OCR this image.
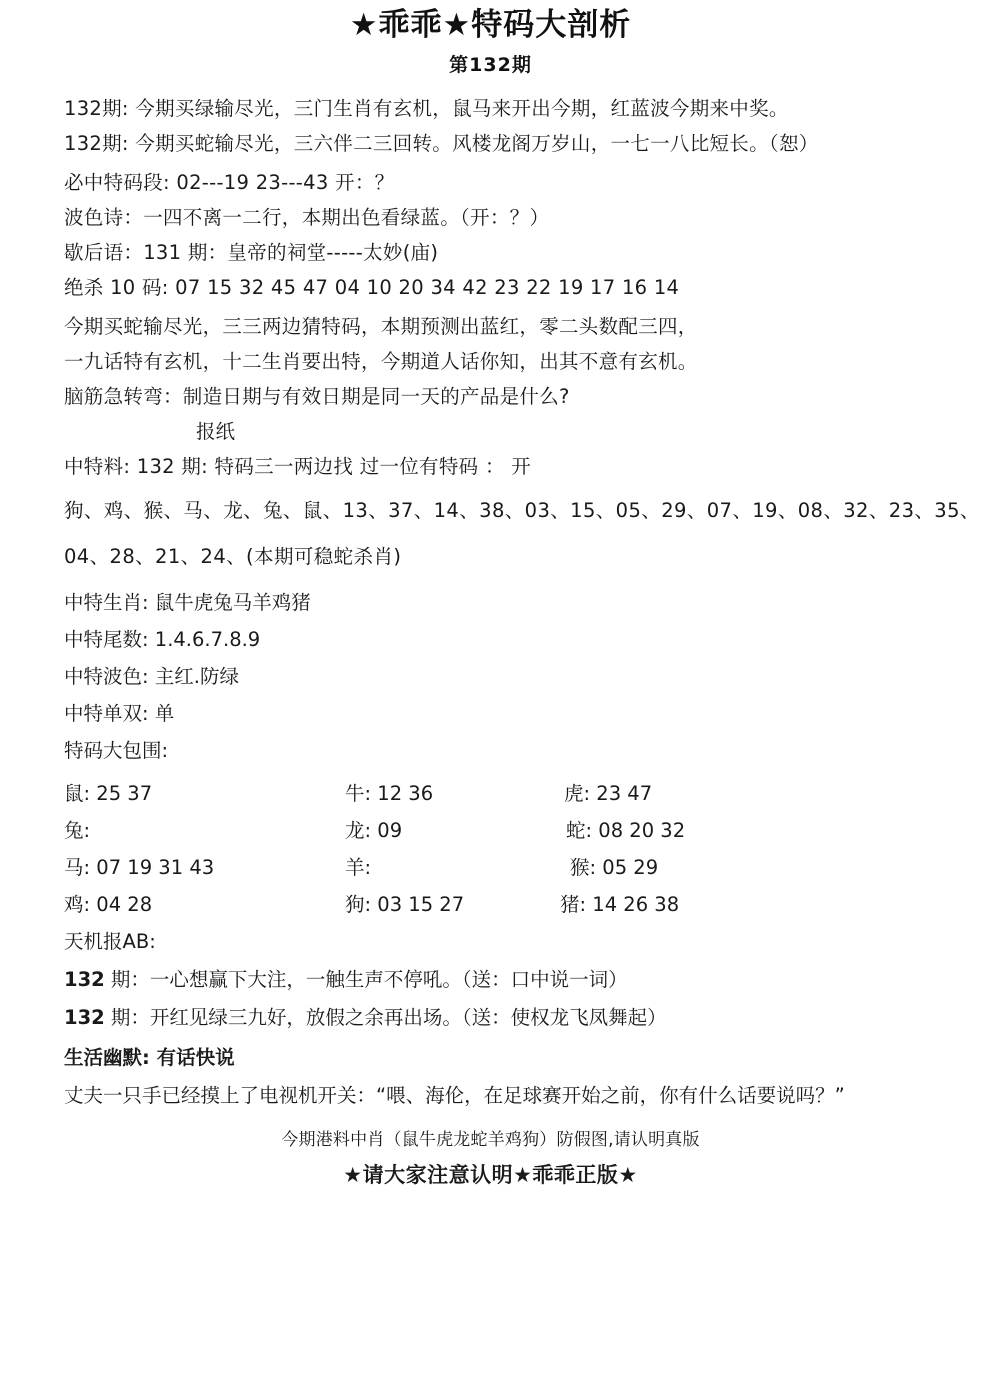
★乖乖★特码大剖析
第132期
132期: 今期买绿输尽光，三门生肖有玄机，鼠马来开出今期，红蓝波今期来中奖。
132期: 今期买蛇输尽光，三六伴二三回转。风楼龙阁万岁山，一七一八比短长。（恕）
必中特码段: 02---19 23---43 开：？
波色诗：一四不离一二行，本期出色看绿蓝。（开：？）
歇后语：131 期：皇帝的祠堂-----太妙(庙)
绝杀 10 码: 07 15 32 45 47 04 10 20 34 42 23 22 19 17 16 14
今期买蛇输尽光，三三两边猜特码，本期预测出蓝红，零二头数配三四，
一九话特有玄机，十二生肖要出特，今期道人话你知，出其不意有玄机。
脑筋急转弯：制造日期与有效日期是同一天的产品是什么?
报纸
中特料: 132 期: 特码三一两边找 过一位有特码 ： 开
狗、鸡、猴、马、龙、兔、鼠、13、37、14、38、03、15、05、29、07、19、08、32、23、35、
04、28、21、24、(本期可稳蛇杀肖)
中特生肖: 鼠牛虎兔马羊鸡猪
中特尾数: 1.4.6.7.8.9
中特波色: 主红.防绿
中特单双: 单
特码大包围:
鼠: 25 37	牛: 12 36	虎: 23 47
兔:	龙: 09	蛇: 08 20 32
马: 07 19 31 43	羊:	猴: 05 29
鸡: 04 28	狗: 03 15 27	猪: 14 26 38
天机报AB:
132 期：一心想赢下大注，一触生声不停吼。（送：口中说一词）
132 期：开红见绿三九好，放假之余再出场。（送：使权龙飞凤舞起）
生活幽默: 有话快说
丈夫一只手已经摸上了电视机开关：“喂、海伦，在足球赛开始之前，你有什么话要说吗？”
今期港料中肖（鼠牛虎龙蛇羊鸡狗）防假图,请认明真版
★请大家注意认明★乖乖正版★
